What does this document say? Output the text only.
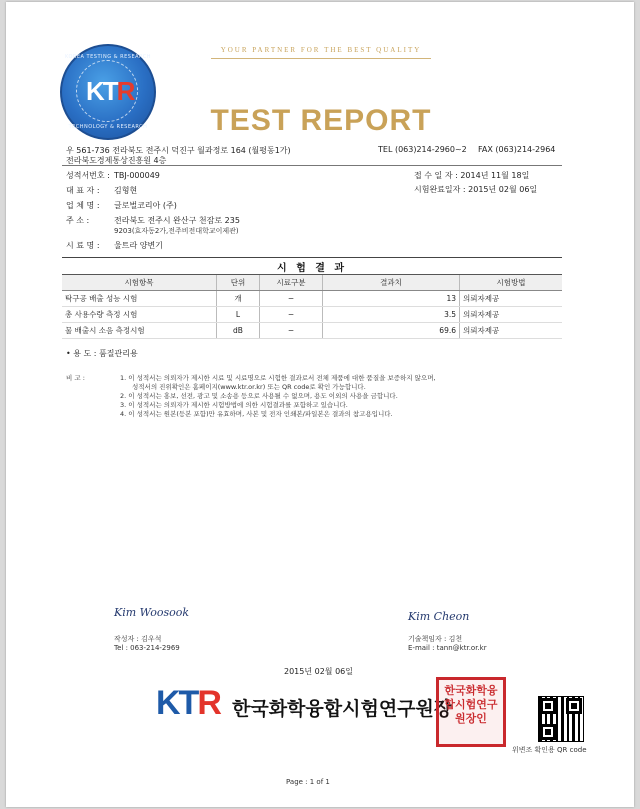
KOREA TESTING & RESEARCH
KTR
TECHNOLOGY & RESEARCH
YOUR PARTNER FOR THE BEST QUALITY
TEST REPORT
우 561-736 전라북도 전주시 덕진구 월과정로 164 (월평동1가)
전라북도경제통상진흥원 4층
TEL (063)214-2960~2 FAX (063)214-2964
성적서번호 : TBJ-000049
대 표 자 : 김형현
업 체 명 : 글로벌코리아 (주)
주 소 :	전라북도 전주시 완산구 천잠로 235
9203(효자동2가,전주비전대학교이제관)
시 료 명 : 울트라 양변기
접 수 일 자 : 2014년 11월 18일
시험완료일자 : 2015년 02월 06일
시 험 결 과
시험항목	단위	시료구분	결과치	시험방법
탁구공 배출 성능 시험	개	−	13	의뢰자제공
총 사용수량 측정 시험	L	−	3.5	의뢰자제공
물 배출시 소음 측정시험	dB	−	69.6	의뢰자제공
• 용 도 : 품질관리용
비 고 :	1. 이 성적서는 의뢰자가 제시한 시료 및 시료명으로 시험한 결과로서 전체 제품에 대한 품질을 보증하지 않으며,
성적서의 진위확인은 홈페이지(www.ktr.or.kr) 또는 QR code로 확인 가능합니다.
2. 이 성적서는 홍보, 선전, 광고 및 소송용 등으로 사용될 수 없으며, 용도 이외의 사용을 금합니다.
3. 이 성적서는 의뢰자가 제시한 시험방법에 의한 시험결과를 포함하고 있습니다.
4. 이 성적서는 원본(등본 포함)만 유효하며, 사본 및 전자 인쇄본/파일본은 결과의 참고용입니다.
Kim Woosook
작성자 : 김우석
Tel : 063-214-2969
Kim Cheon
기술책임자 : 김천
E-mail : tann@ktr.or.kr
2015년 02월 06일
KTR 한국화학융합시험연구원장
한국화학융합시험연구원장인
위변조 확인용 QR code
Page : 1 of 1
